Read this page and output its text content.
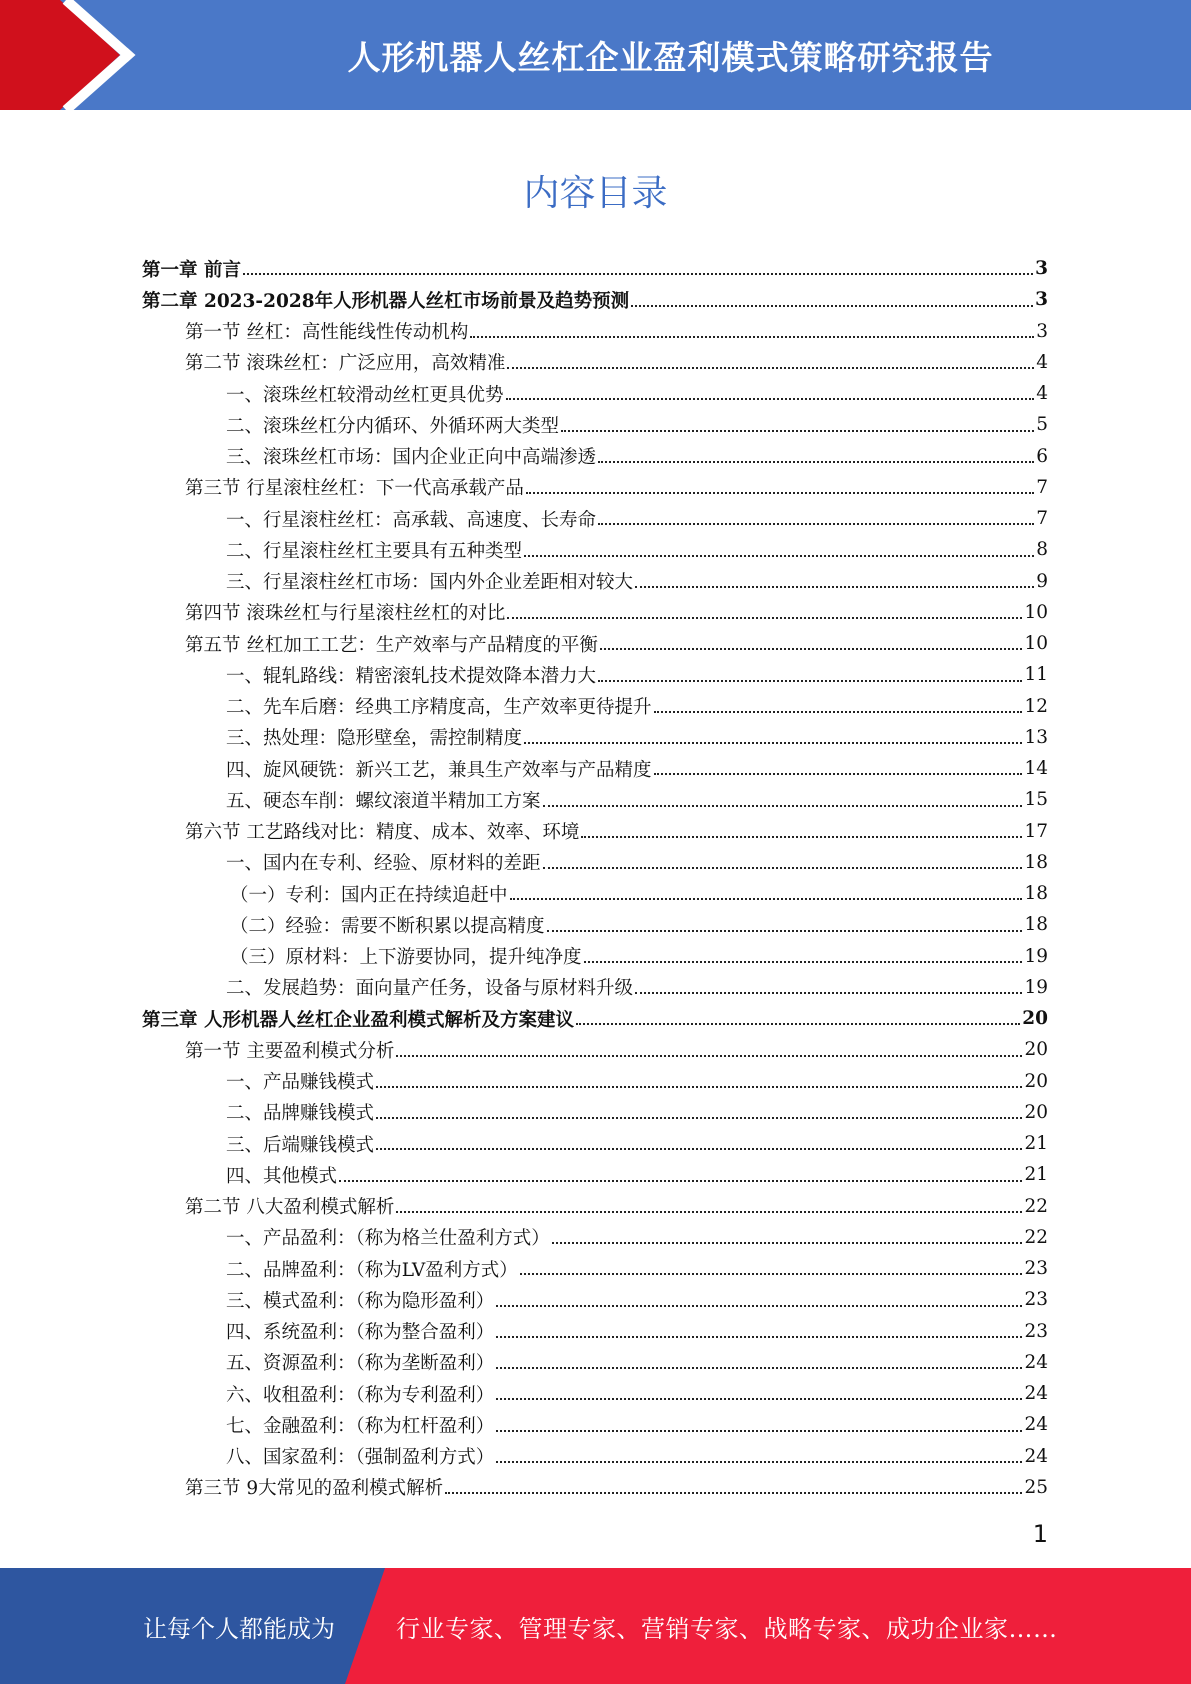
人形机器人丝杠企业盈利模式策略研究报告
内容目录
第一章 前言	3
第二章 2023-2028年人形机器人丝杠市场前景及趋势预测	3
第一节 丝杠：高性能线性传动机构	3
第二节 滚珠丝杠：广泛应用，高效精准	4
一、滚珠丝杠较滑动丝杠更具优势	4
二、滚珠丝杠分内循环、外循环两大类型	5
三、滚珠丝杠市场：国内企业正向中高端渗透	6
第三节 行星滚柱丝杠：下一代高承载产品	7
一、行星滚柱丝杠：高承载、高速度、长寿命	7
二、行星滚柱丝杠主要具有五种类型	8
三、行星滚柱丝杠市场：国内外企业差距相对较大	9
第四节 滚珠丝杠与行星滚柱丝杠的对比	10
第五节 丝杠加工工艺：生产效率与产品精度的平衡	10
一、辊轧路线：精密滚轧技术提效降本潜力大	11
二、先车后磨：经典工序精度高，生产效率更待提升	12
三、热处理：隐形壁垒，需控制精度	13
四、旋风硬铣：新兴工艺，兼具生产效率与产品精度	14
五、硬态车削：螺纹滚道半精加工方案	15
第六节 工艺路线对比：精度、成本、效率、环境	17
一、国内在专利、经验、原材料的差距	18
（一）专利：国内正在持续追赶中	18
（二）经验：需要不断积累以提高精度	18
（三）原材料：上下游要协同，提升纯净度	19
二、发展趋势：面向量产任务，设备与原材料升级	19
第三章 人形机器人丝杠企业盈利模式解析及方案建议	20
第一节 主要盈利模式分析	20
一、产品赚钱模式	20
二、品牌赚钱模式	20
三、后端赚钱模式	21
四、其他模式	21
第二节 八大盈利模式解析	22
一、产品盈利：（称为格兰仕盈利方式）	22
二、品牌盈利：（称为LV盈利方式）	23
三、模式盈利：（称为隐形盈利）	23
四、系统盈利：（称为整合盈利）	23
五、资源盈利：（称为垄断盈利）	24
六、收租盈利：（称为专利盈利）	24
七、金融盈利：（称为杠杆盈利）	24
八、国家盈利：（强制盈利方式）	24
第三节 9大常见的盈利模式解析	25
1
让每个人都能成为	行业专家、管理专家、营销专家、战略专家、成功企业家……
